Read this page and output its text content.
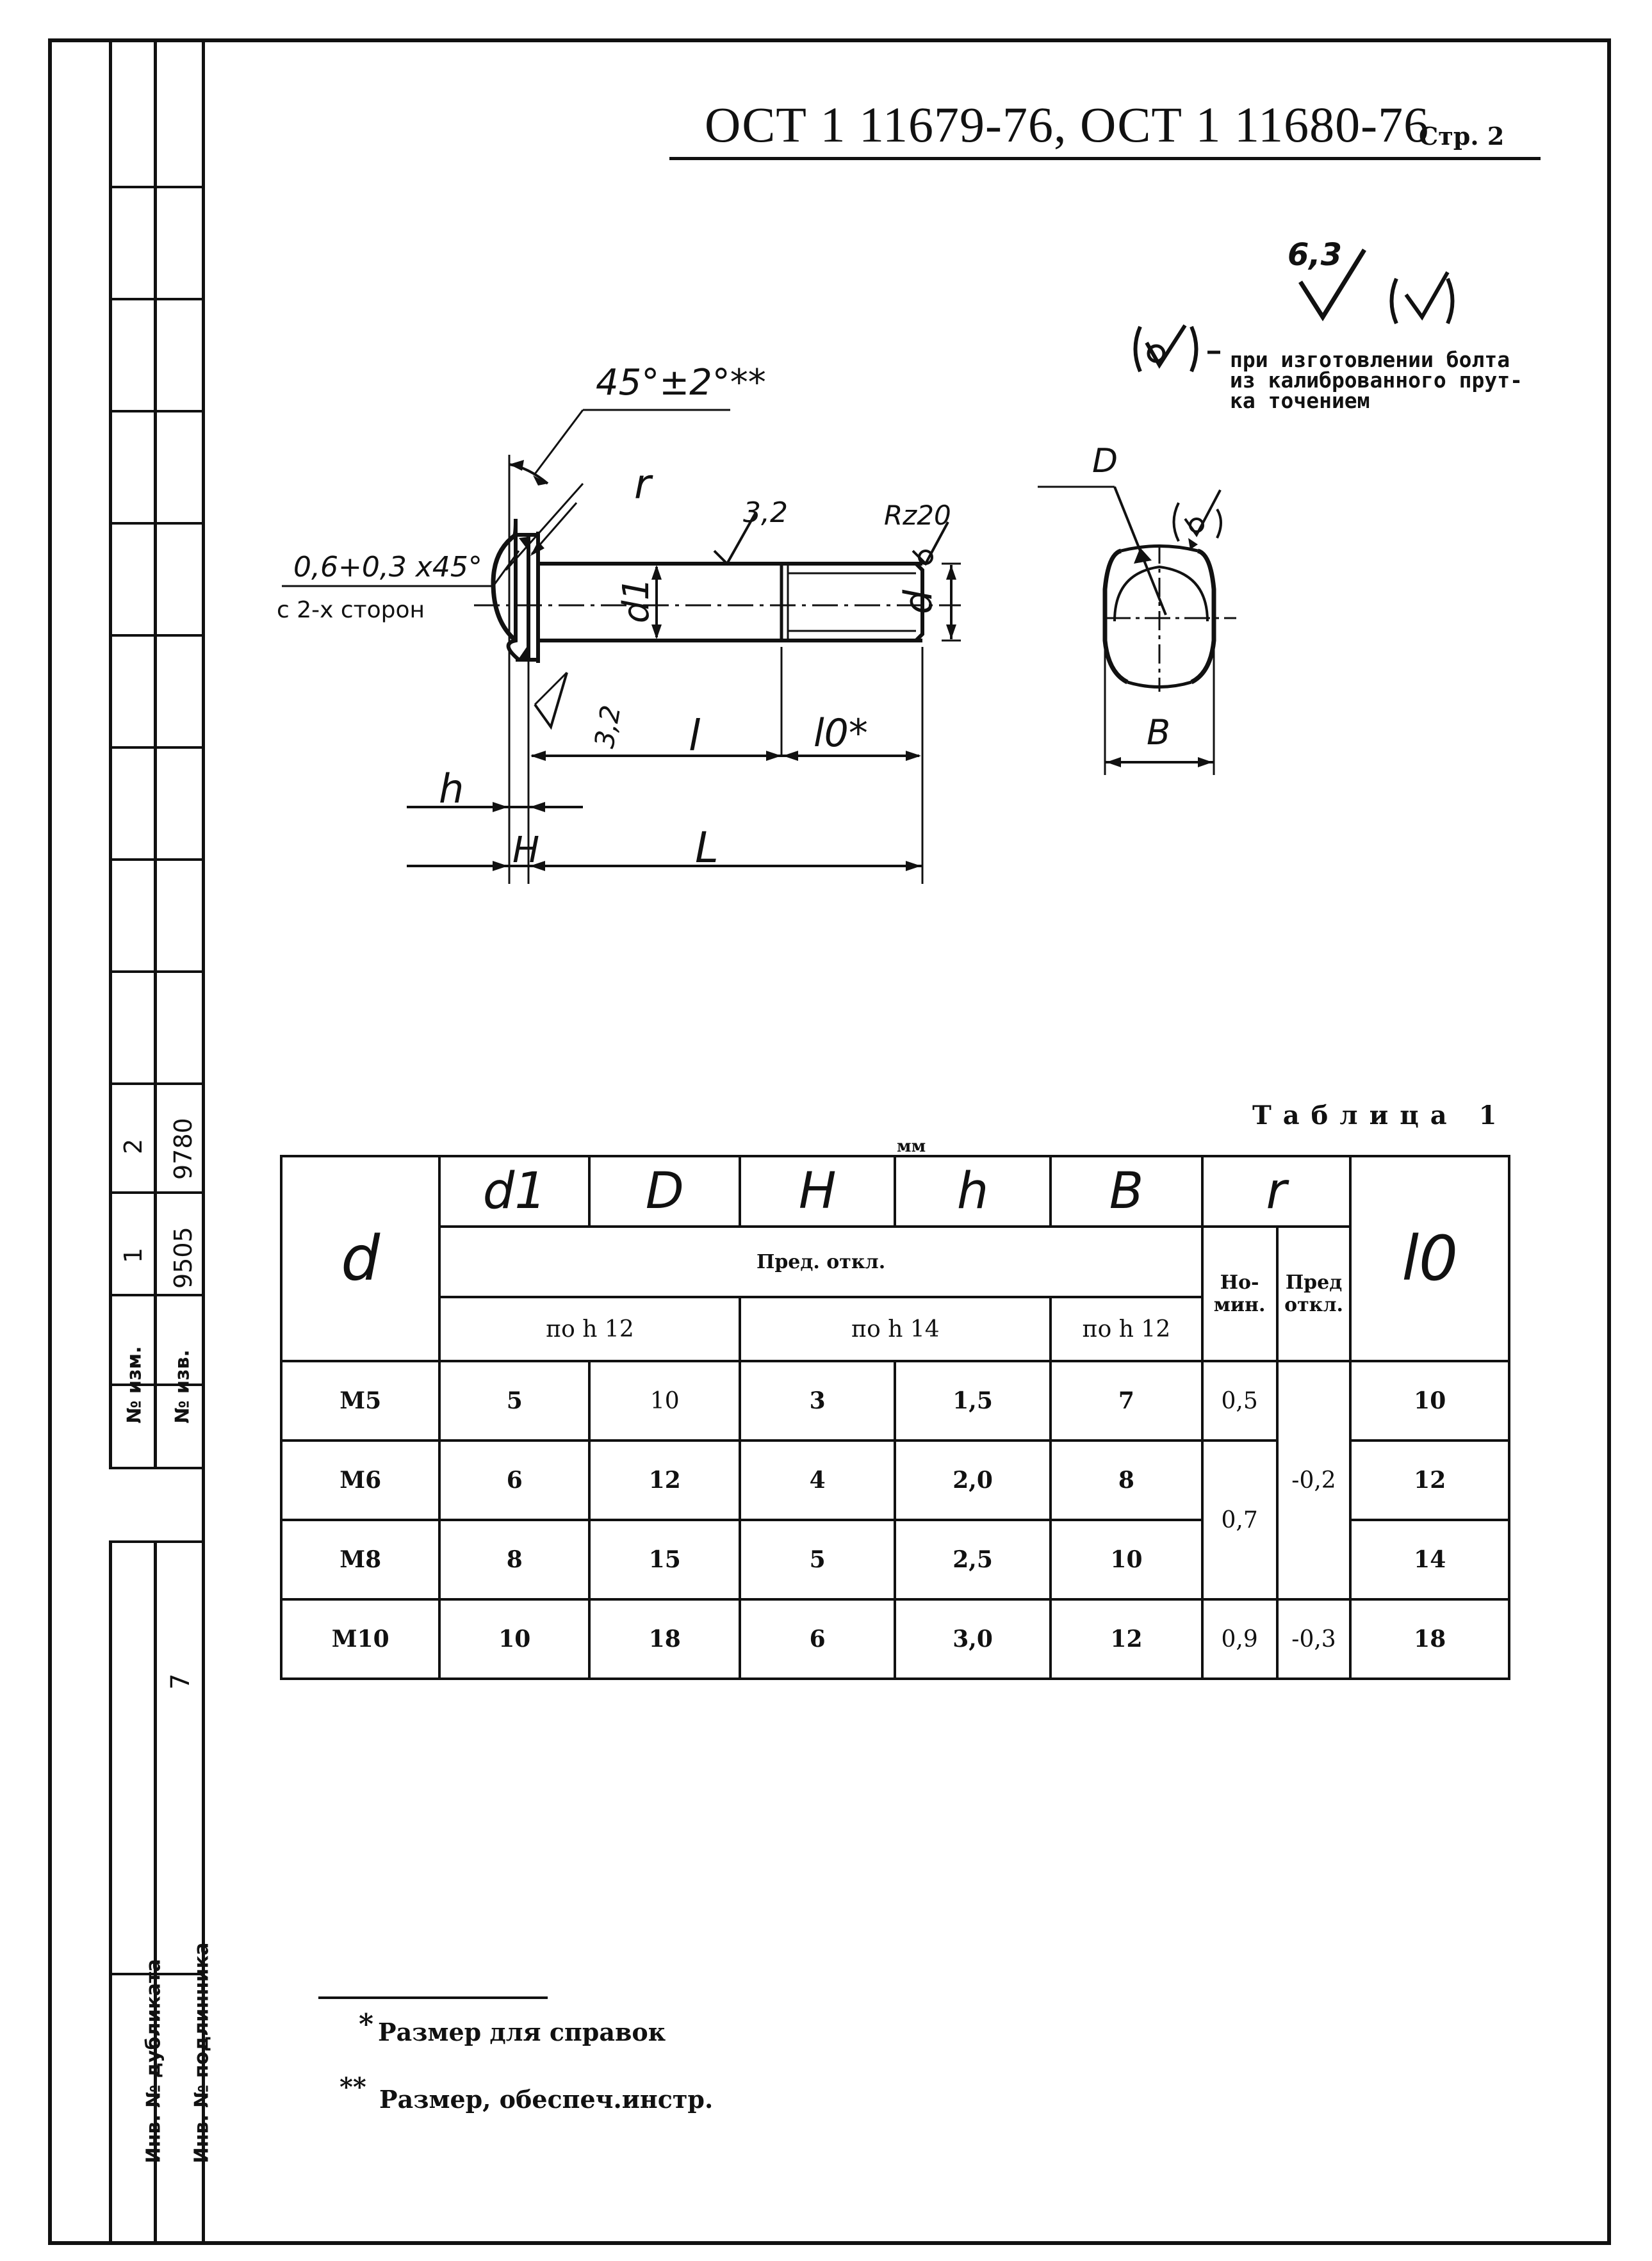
2 9780
1 9505
№ изм. № изв.
7
Инв. № дубликата Инв. № подлинника
ОСТ 1 11679-76, ОСТ 1 11680-76
Стр. 2
6,3
при изготовлении болта
из калиброванного прут-
ка точением
45°±2°**
0,6+0,3 x45°
с 2-х сторон
r
3,2	Rz20
3,2
d1	d
l	l0*
h
H	L
D
B
Таблица 1
мм
d	d1	D	H	h	B	r		l0
	Пред. откл.					Но- мин.	Пред откл.	
	по h 12		по h 14		по h 12			
M5	5	10	3	1,5	7	0,5	-0,2	10
M6	6	12	4	2,0	8	0,7		12
M8	8	15	5	2,5	10			14
M10	10	18	6	3,0	12	0,9	-0,3	18
* Размер для справок
** Размер, обеспеч.инстр.
